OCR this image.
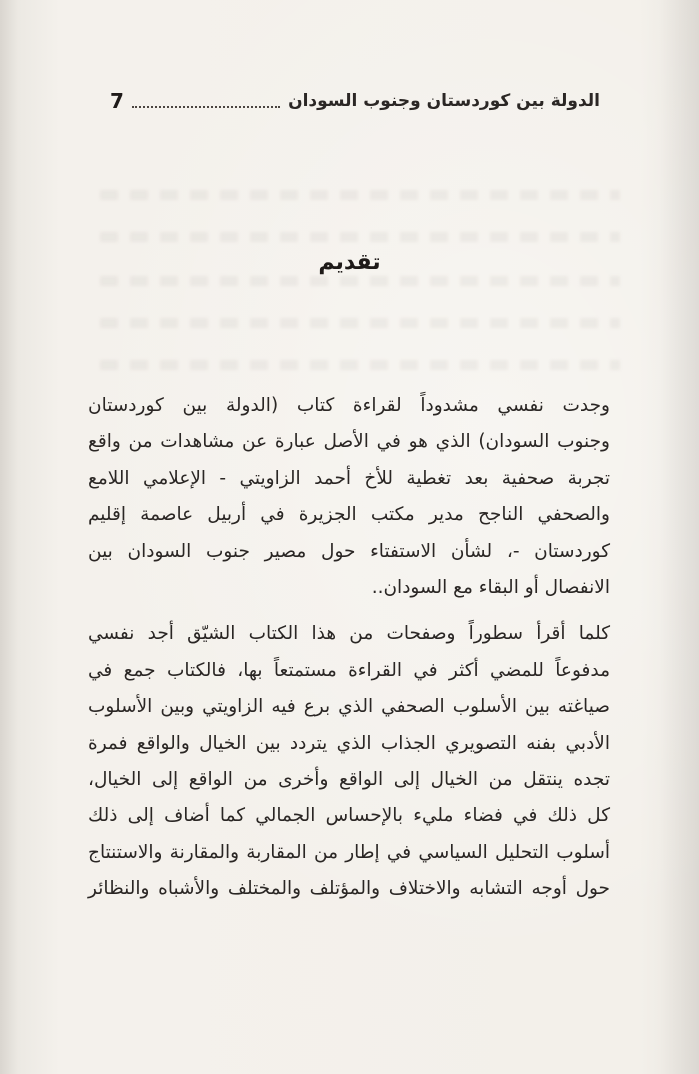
الدولة بين كوردستان وجنوب السودان
7
تقديم
وجدت نفسي مشدوداً لقراءة كتاب (الدولة بين كوردستان
وجنوب السودان) الذي هو في الأصل عبارة عن مشاهدات من واقع
تجربة صحفية بعد تغطية للأخ أحمد الزاويتي - الإعلامي اللامع
والصحفي الناجح مدير مكتب الجزيرة في أربيل عاصمة إقليم
كوردستان -، لشأن الاستفتاء حول مصير جنوب السودان بين
الانفصال أو البقاء مع السودان..
كلما أقرأ سطوراً وصفحات من هذا الكتاب الشيّق أجد نفسي
مدفوعاً للمضي أكثر في القراءة مستمتعاً بها، فالكتاب جمع في
صياغته بين الأسلوب الصحفي الذي برع فيه الزاويتي وبين الأسلوب
الأدبي بفنه التصويري الجذاب الذي يتردد بين الخيال والواقع فمرة
تجده ينتقل من الخيال إلى الواقع وأخرى من الواقع إلى الخيال،
كل ذلك في فضاء مليء بالإحساس الجمالي كما أضاف إلى ذلك
أسلوب التحليل السياسي في إطار من المقاربة والمقارنة والاستنتاج
حول أوجه التشابه والاختلاف والمؤتلف والمختلف والأشباه والنظائر
